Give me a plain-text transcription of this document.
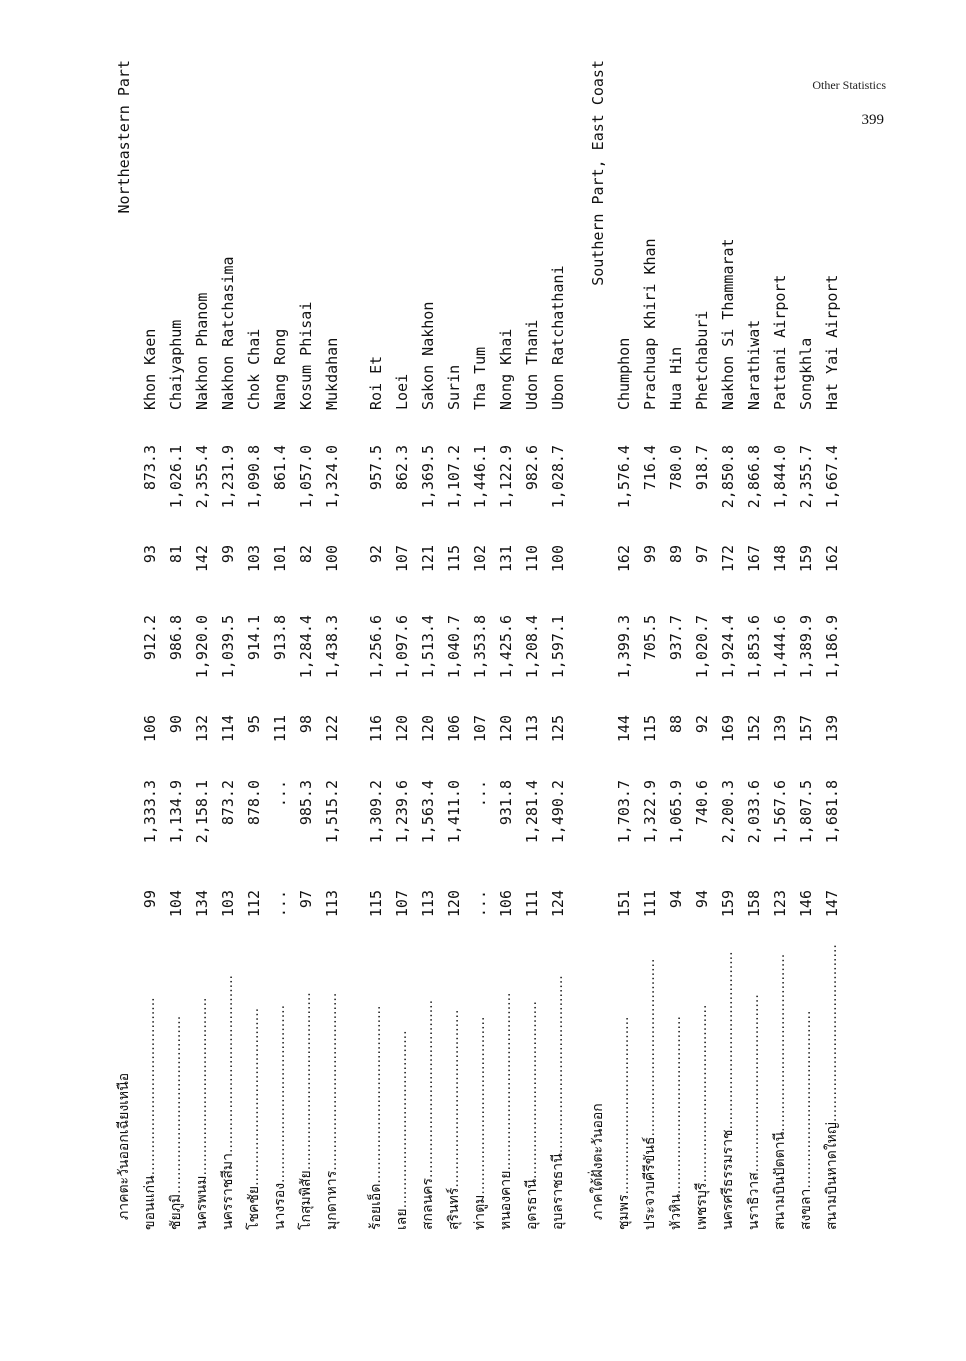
Other Statistics
399
ภาคตะวันออกเฉียงเหนือ
Northeastern Part
ขอนแก่น........................................
99
1,333.3
106
912.2
93
873.3
Khon Kaen
ชัยภูมิ........................................
104
1,134.9
90
986.8
81
1,026.1
Chaiyaphum
นครพนม........................................
134
2,158.1
132
1,920.0
142
2,355.4
Nakhon Phanom
นครราชสีมา........................................
103
873.2
114
1,039.5
99
1,231.9
Nakhon Ratchasima
โชคชัย........................................
112
878.0
95
914.1
103
1,090.8
Chok Chai
นางรอง........................................
...
...
111
913.8
101
861.4
Nang Rong
โกสุมพิสัย........................................
97
985.3
98
1,284.4
82
1,057.0
Kosum Phisai
มุกดาหาร........................................
113
1,515.2
122
1,438.3
100
1,324.0
Mukdahan
ร้อยเอ็ด........................................
115
1,309.2
116
1,256.6
92
957.5
Roi Et
เลย........................................
107
1,239.6
120
1,097.6
107
862.3
Loei
สกลนคร........................................
113
1,563.4
120
1,513.4
121
1,369.5
Sakon Nakhon
สุรินทร์........................................
120
1,411.0
106
1,040.7
115
1,107.2
Surin
ท่าตูม........................................
...
...
107
1,353.8
102
1,446.1
Tha Tum
หนองคาย........................................
106
931.8
120
1,425.6
131
1,122.9
Nong Khai
อุดรธานี........................................
111
1,281.4
113
1,208.4
110
982.6
Udon Thani
อุบลราชธานี........................................
124
1,490.2
125
1,597.1
100
1,028.7
Ubon Ratchathani
ภาคใต้ฝั่งตะวันออก
Southern Part, East Coast
ชุมพร........................................
151
1,703.7
144
1,399.3
162
1,576.4
Chumphon
ประจวบคีรีขันธ์........................................
111
1,322.9
115
705.5
99
716.4
Prachuap Khiri Khan
หัวหิน........................................
94
1,065.9
88
937.7
89
780.0
Hua Hin
เพชรบุรี........................................
94
740.6
92
1,020.7
97
918.7
Phetchaburi
นครศรีธรรมราช........................................
159
2,200.3
169
1,924.4
172
2,850.8
Nakhon Si Thammarat
นราธิวาส........................................
158
2,033.6
152
1,853.6
167
2,866.8
Narathiwat
สนามบินปัตตานี........................................
123
1,567.6
139
1,444.6
148
1,844.0
Pattani Airport
สงขลา........................................
146
1,807.5
157
1,389.9
159
2,355.7
Songkhla
สนามบินหาดใหญ่........................................
147
1,681.8
139
1,186.9
162
1,667.4
Hat Yai Airport
